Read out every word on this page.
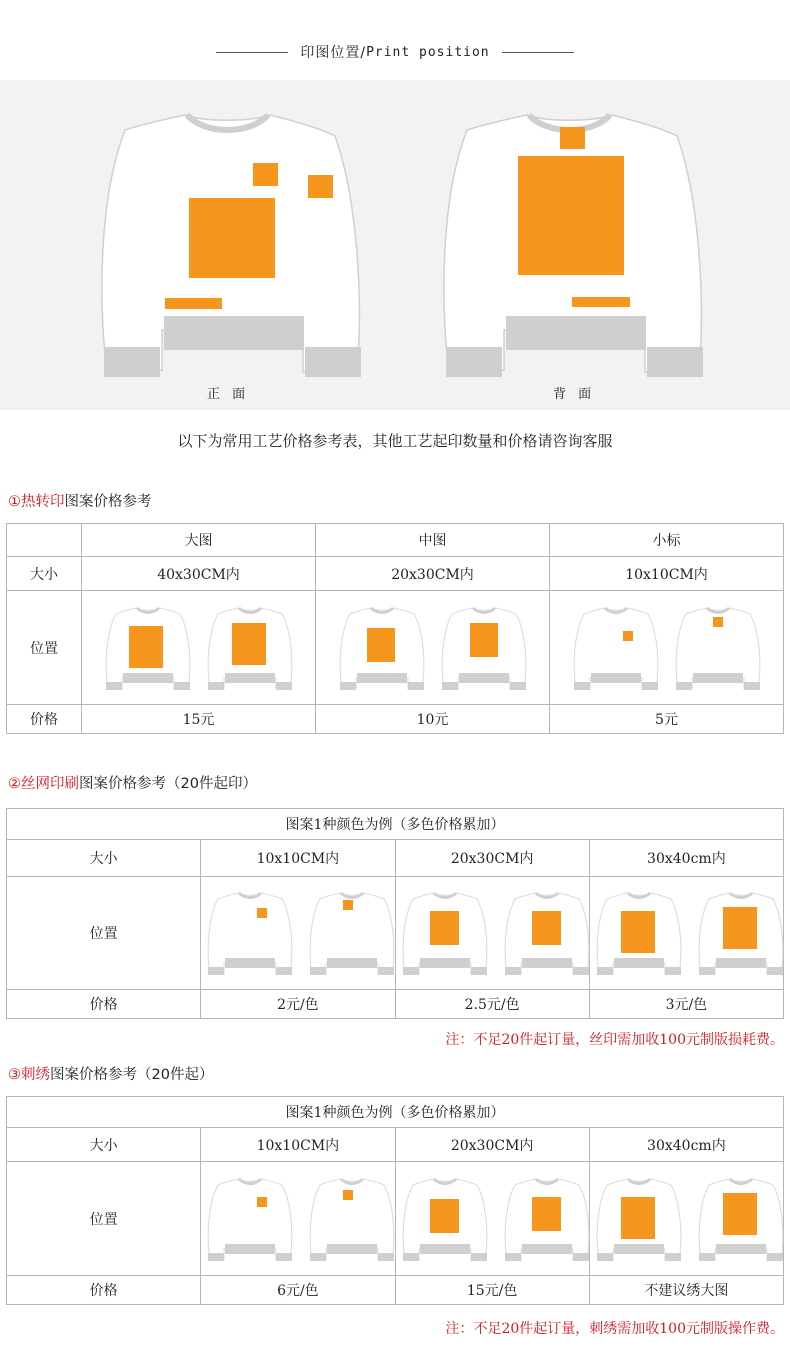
印图位置/ Print position
正 面	背 面
以下为常用工艺价格参考表，其他工艺起印数量和价格请咨询客服
①热转印图案价格参考
	大图	中图	小标
大小	40x30CM内	20x30CM内	10x10CM内
位置	

价格	15元	10元	5元
②丝网印刷图案价格参考（20件起印）
图案1种颜色为例（多色价格累加）			
大小	10x10CM内	20x30CM内	30x40cm内
位置	

价格	2元/色	2.5元/色	3元/色
注：不足20件起订量，丝印需加收100元制版损耗费。
③刺绣图案价格参考（20件起）
图案1种颜色为例（多色价格累加）			
大小	10x10CM内	20x30CM内	30x40cm内
位置	

价格	6元/色	15元/色	不建议绣大图
注：不足20件起订量，刺绣需加收100元制版操作费。
